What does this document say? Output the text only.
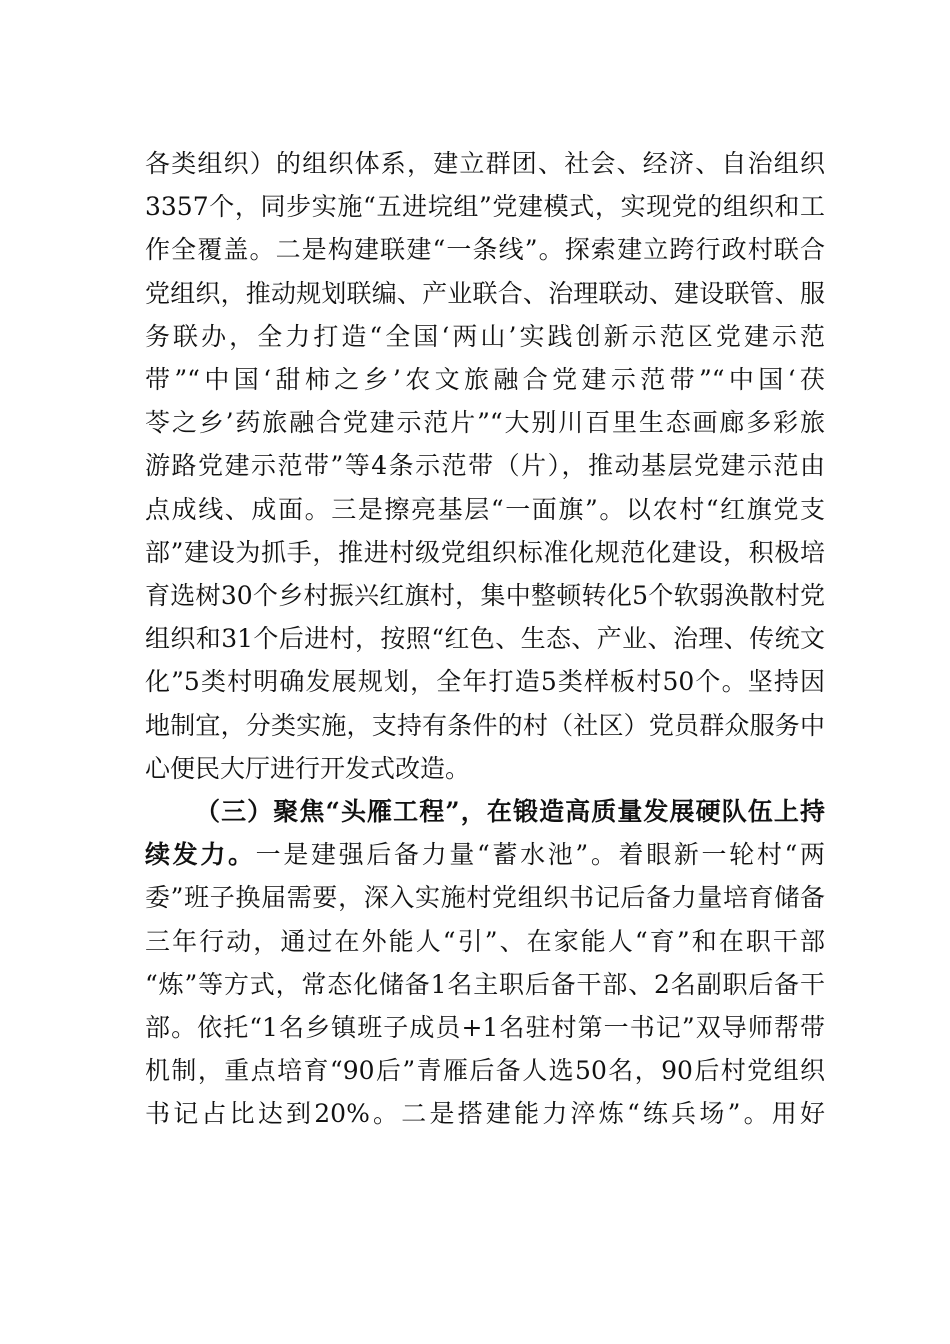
各类组织）的组织体系，建立群团、社会、经济、自治组织
3357个，同步实施“五进垸组”党建模式，实现党的组织和工
作全覆盖。二是构建联建“一条线”。探索建立跨行政村联合
党组织，推动规划联编、产业联合、治理联动、建设联管、服
务联办，全力打造“全国‘两山’实践创新示范区党建示范
带”“中国‘甜柿之乡’农文旅融合党建示范带”“中国‘茯
苓之乡’药旅融合党建示范片”“大别川百里生态画廊多彩旅
游路党建示范带”等4条示范带（片），推动基层党建示范由
点成线、成面。三是擦亮基层“一面旗”。以农村“红旗党支
部”建设为抓手，推进村级党组织标准化规范化建设，积极培
育选树30个乡村振兴红旗村，集中整顿转化5个软弱涣散村党
组织和31个后进村，按照“红色、生态、产业、治理、传统文
化”5类村明确发展规划，全年打造5类样板村50个。坚持因
地制宜，分类实施，支持有条件的村（社区）党员群众服务中
心便民大厅进行开发式改造。
（三）聚焦“头雁工程”，在锻造高质量发展硬队伍上持
续发力。一是建强后备力量“蓄水池”。着眼新一轮村“两
委”班子换届需要，深入实施村党组织书记后备力量培育储备
三年行动，通过在外能人“引”、在家能人“育”和在职干部
“炼”等方式，常态化储备1名主职后备干部、2名副职后备干
部。依托“1名乡镇班子成员+1名驻村第一书记”双导师帮带
机制，重点培育“90后”青雁后备人选50名，90后村党组织
书记占比达到20%。二是搭建能力淬炼“练兵场”。用好
